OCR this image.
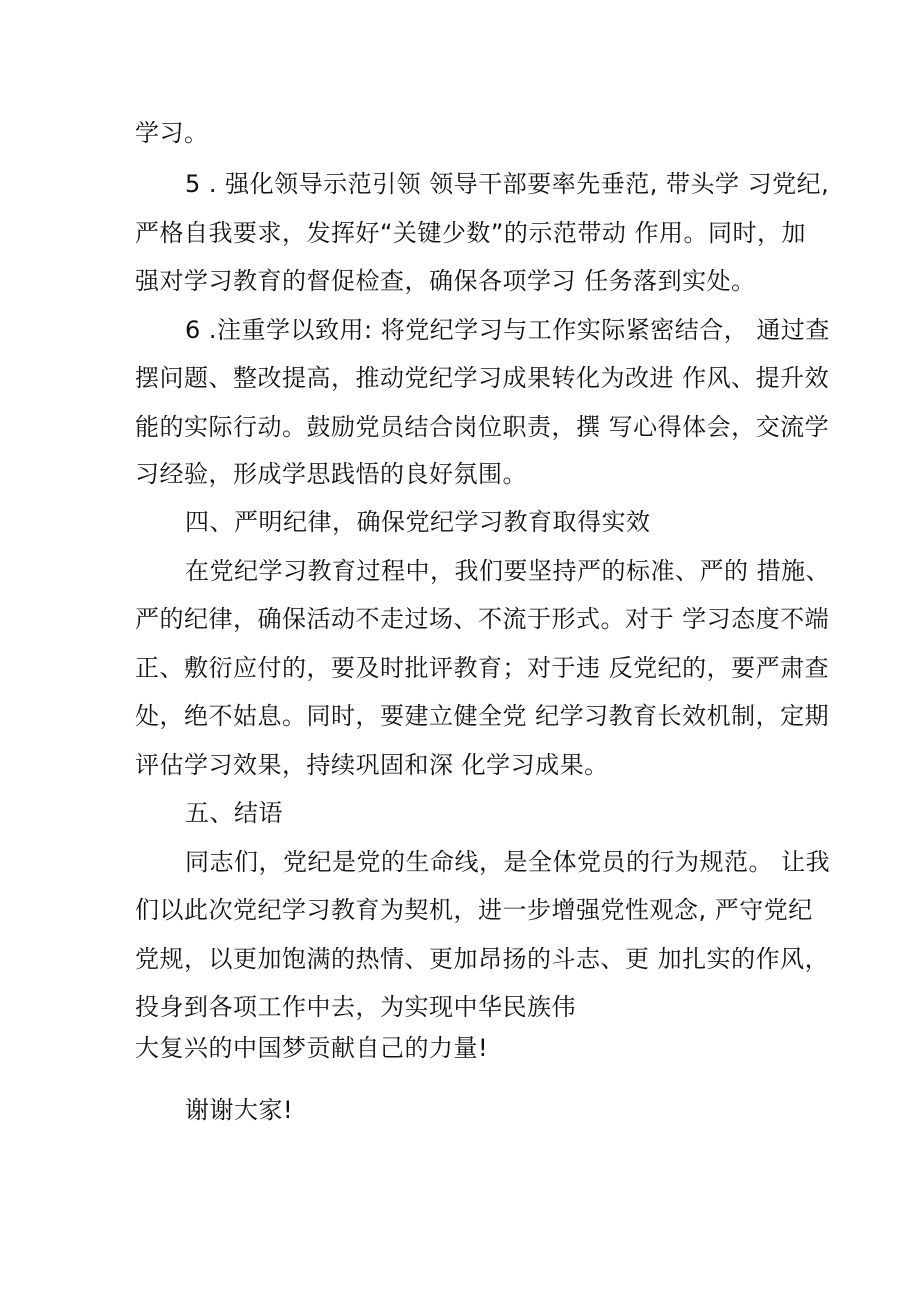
学习。
5 . 强化领导示范引领 领导干部要率先垂范, 带头学 习党纪,
严格自我要求，发挥好“关键少数”的示范带动 作用。同时，加
强对学习教育的督促检查，确保各项学习 任务落到实处。
6 .注重学以致用: 将党纪学习与工作实际紧密结合， 通过查
摆问题、整改提高，推动党纪学习成果转化为改进 作风、提升效
能的实际行动。鼓励党员结合岗位职责，撰 写心得体会，交流学
习经验，形成学思践悟的良好氛围。
四、严明纪律，确保党纪学习教育取得实效
在党纪学习教育过程中，我们要坚持严的标准、严的 措施、
严的纪律，确保活动不走过场、不流于形式。对于 学习态度不端
正、敷衍应付的，要及时批评教育；对于违 反党纪的，要严肃查
处，绝不姑息。同时，要建立健全党 纪学习教育长效机制，定期
评估学习效果，持续巩固和深 化学习成果。
五、结语
同志们，党纪是党的生命线，是全体党员的行为规范。 让我
们以此次党纪学习教育为契机，进一步增强党性观念, 严守党纪
党规，以更加饱满的热情、更加昂扬的斗志、更 加扎实的作风，
投身到各项工作中去，为实现中华民族伟
大复兴的中国梦贡献自己的力量!
谢谢大家!
